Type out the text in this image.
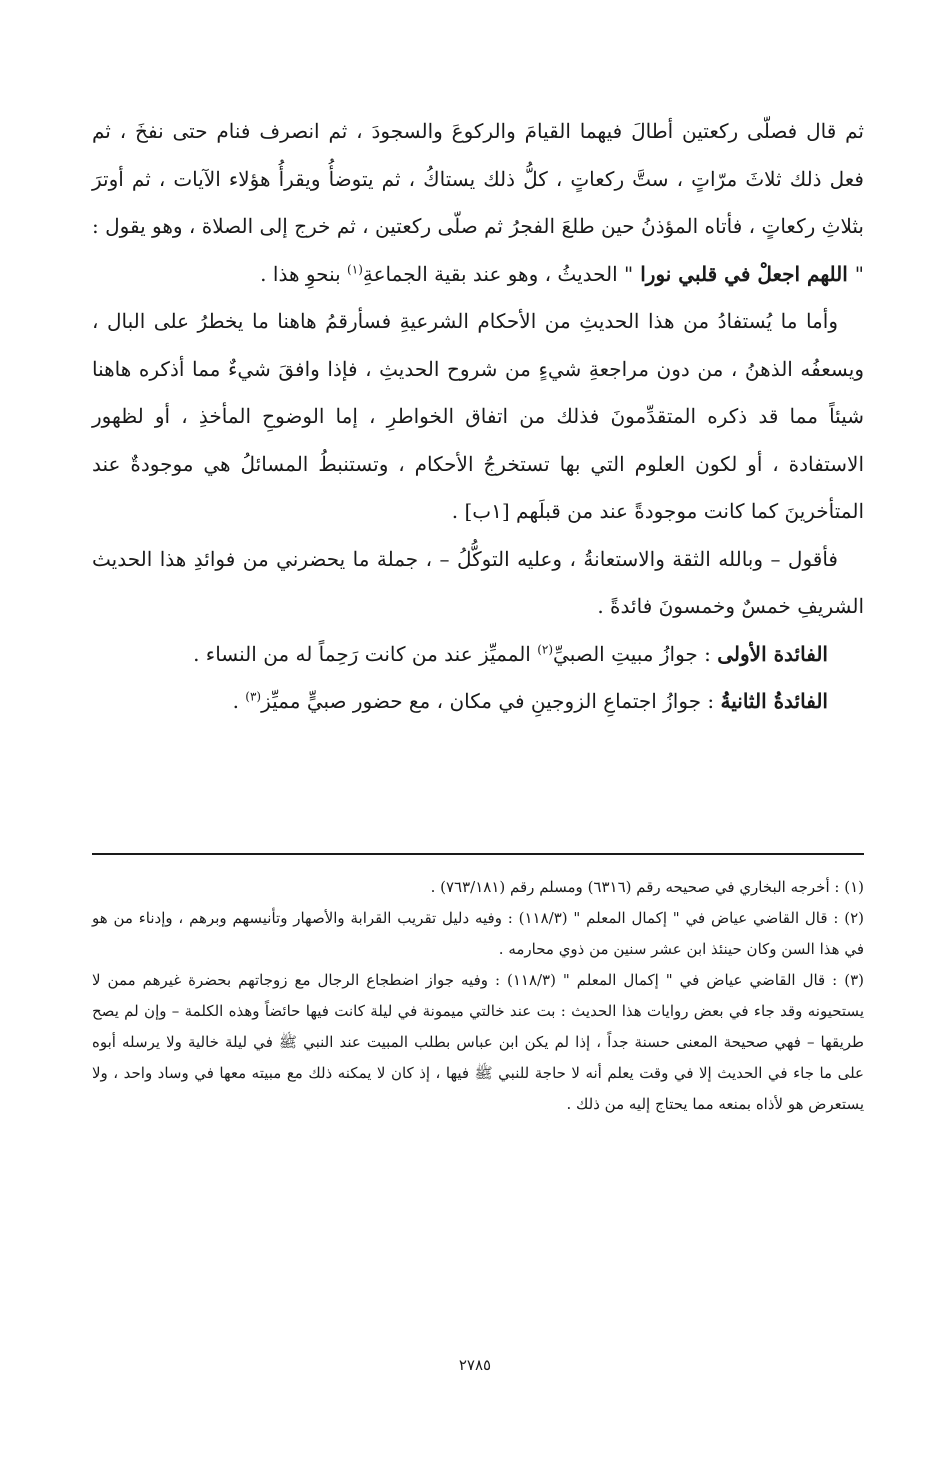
ثم قال فصلّى ركعتين أطالَ فيهما القيامَ والركوعَ والسجودَ ، ثم انصرف فنام حتى نفخَ ، ثم فعل ذلك ثلاثَ مرّاتٍ ، ستَّ ركعاتٍ ، كلُّ ذلك يستاكُ ، ثم يتوضأُ ويقرأُ هؤلاء الآيات ، ثم أوترَ بثلاثِ ركعاتٍ ، فأتاه المؤذنُ حين طلعَ الفجرُ ثم صلّى ركعتين ، ثم خرج إلى الصلاة ، وهو يقول : " اللهم اجعلْ في قلبي نورا " الحديثُ ، وهو عند بقية الجماعةِ$^{(١)}$ بنحوِ هذا .

وأما ما يُستفادُ من هذا الحديثِ من الأحكام الشرعيةِ فسأرقمُ هاهنا ما يخطرُ على البال ، ويسعفُه الذهنُ ، من دون مراجعةِ شيءٍ من شروح الحديثِ ، فإذا وافقَ شيءٌ مما أذكره هاهنا شيئاً مما قد ذكره المتقدِّمونَ فذلك من اتفاق الخواطرِ ، إما الوضوحِ المأخذِ ، أو لظهور الاستفادة ، أو لكون العلوم التي بها تستخرجُ الأحكام ، وتستنبطُ المسائلُ هي موجودةٌ عند المتأخرينَ كما كانت موجودةً عند من قبلَهم [١ب] .

فأقول – وبالله الثقة والاستعانةُ ، وعليه التوكُّلُ – ، جملة ما يحضرني من فوائدِ هذا الحديث الشريفِ خمسٌ وخمسونَ فائدةً .

الفائدة الأولى : جوازُ مبيتِ الصبيِّ$^{(٢)}$ المميِّز عند من كانت رَحِماً له من النساء .

الفائدةُ الثانيةُ : جوازُ اجتماعِ الزوجينِ في مكان ، مع حضور صبيٍّ مميِّز$^{(٣)}$ .

(١) : أخرجه البخاري في صحيحه رقم (٦٣١٦) ومسلم رقم (٧٦٣/١٨١) .

(٢) : قال القاضي عياض في " إكمال المعلم " (١١٨/٣) : وفيه دليل تقريب القرابة والأصهار وتأنيسهم وبرهم ، وإدناء من هو في هذا السن وكان حينئذ ابن عشر سنين من ذوي محارمه .

(٣) : قال القاضي عياض في " إكمال المعلم " (١١٨/٣) : وفيه جواز اضطجاع الرجال مع زوجاتهم بحضرة غيرهم ممن لا يستحيونه وقد جاء في بعض روايات هذا الحديث : بت عند خالتي ميمونة في ليلة كانت فيها حائضاً وهذه الكلمة – وإن لم يصح طريقها – فهي صحيحة المعنى حسنة جداً ، إذا لم يكن ابن عباس بطلب المبيت عند النبي ﷺ في ليلة خالية ولا يرسله أبوه على ما جاء في الحديث إلا في وقت يعلم أنه لا حاجة للنبي ﷺ فيها ، إذ كان لا يمكنه ذلك مع مبيته معها في وساد واحد ، ولا يستعرض هو لأذاه بمنعه مما يحتاج إليه من ذلك .

٢٧٨٥
